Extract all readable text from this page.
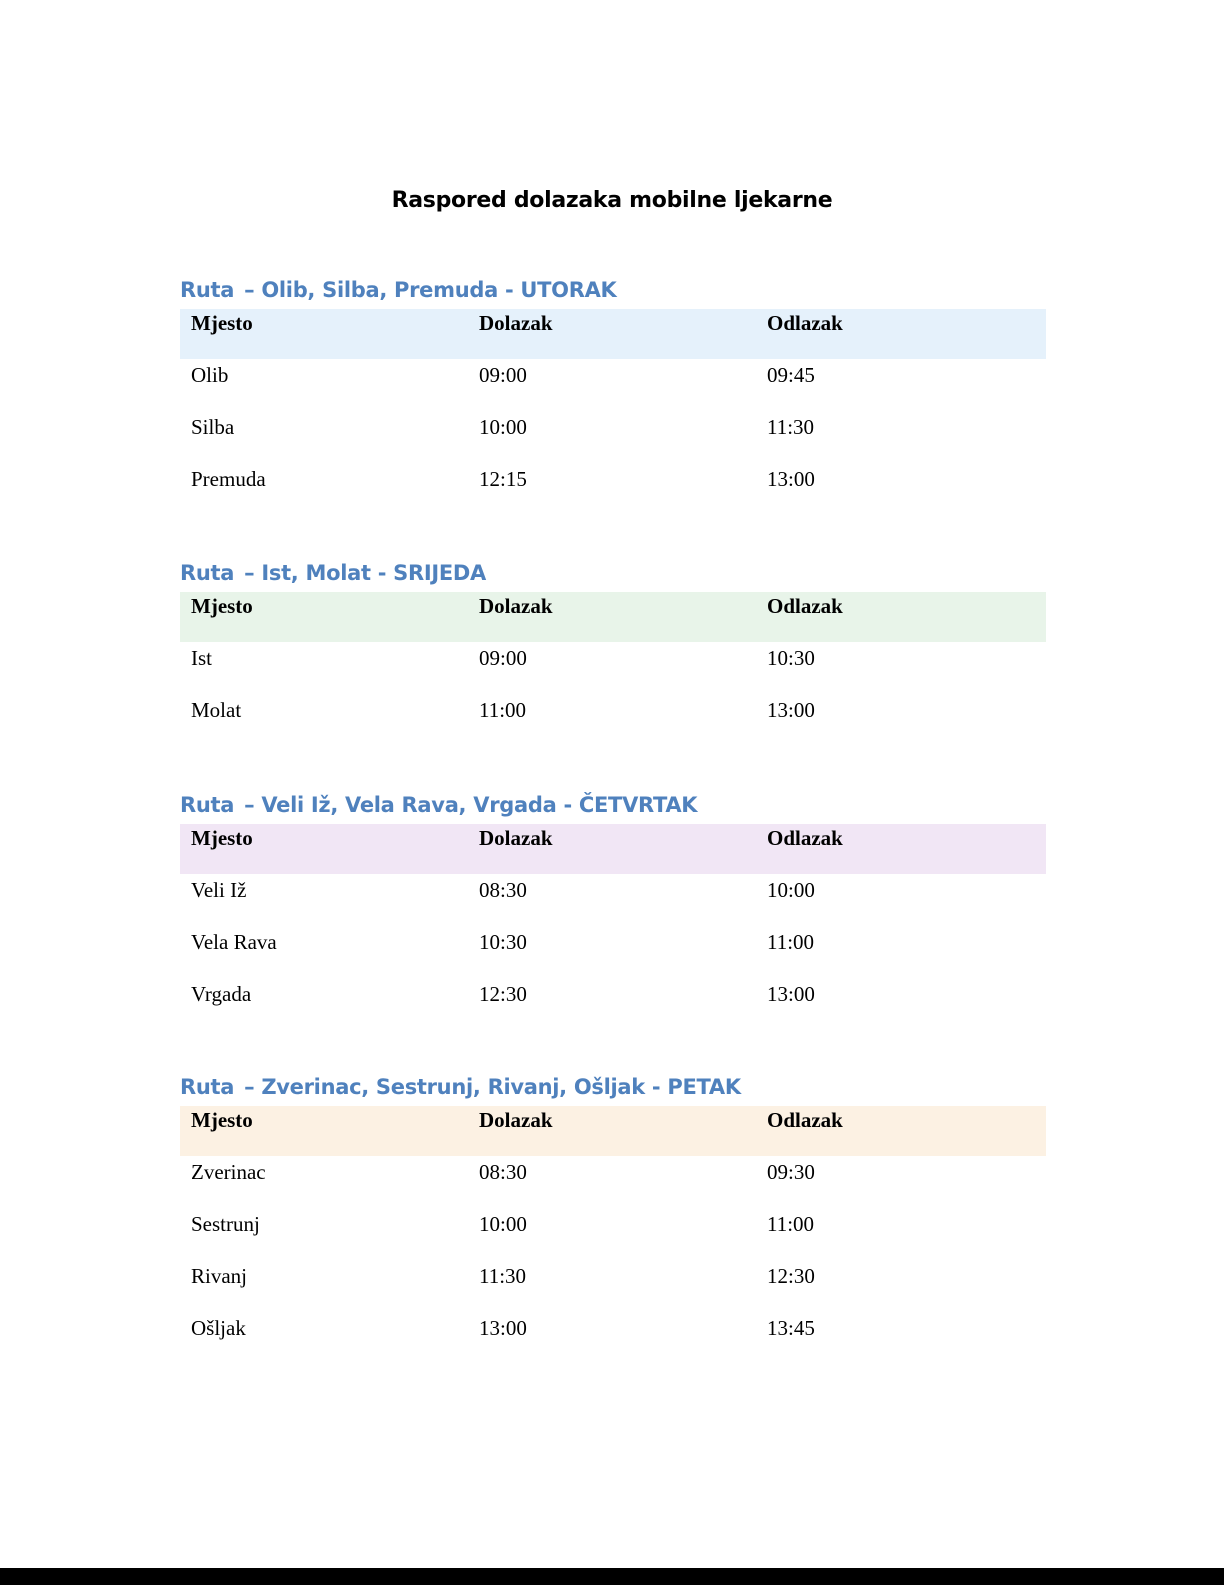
Raspored dolazaka mobilne ljekarne
Ruta – Olib, Silba, Premuda - UTORAK
Mjesto	Dolazak	Odlazak
Olib	09:00	09:45
Silba	10:00	11:30
Premuda	12:15	13:00
Ruta – Ist, Molat - SRIJEDA
Mjesto	Dolazak	Odlazak
Ist	09:00	10:30
Molat	11:00	13:00
Ruta – Veli Iž, Vela Rava, Vrgada - ČETVRTAK
Mjesto	Dolazak	Odlazak
Veli Iž	08:30	10:00
Vela Rava	10:30	11:00
Vrgada	12:30	13:00
Ruta – Zverinac, Sestrunj, Rivanj, Ošljak - PETAK
Mjesto	Dolazak	Odlazak
Zverinac	08:30	09:30
Sestrunj	10:00	11:00
Rivanj	11:30	12:30
Ošljak	13:00	13:45
